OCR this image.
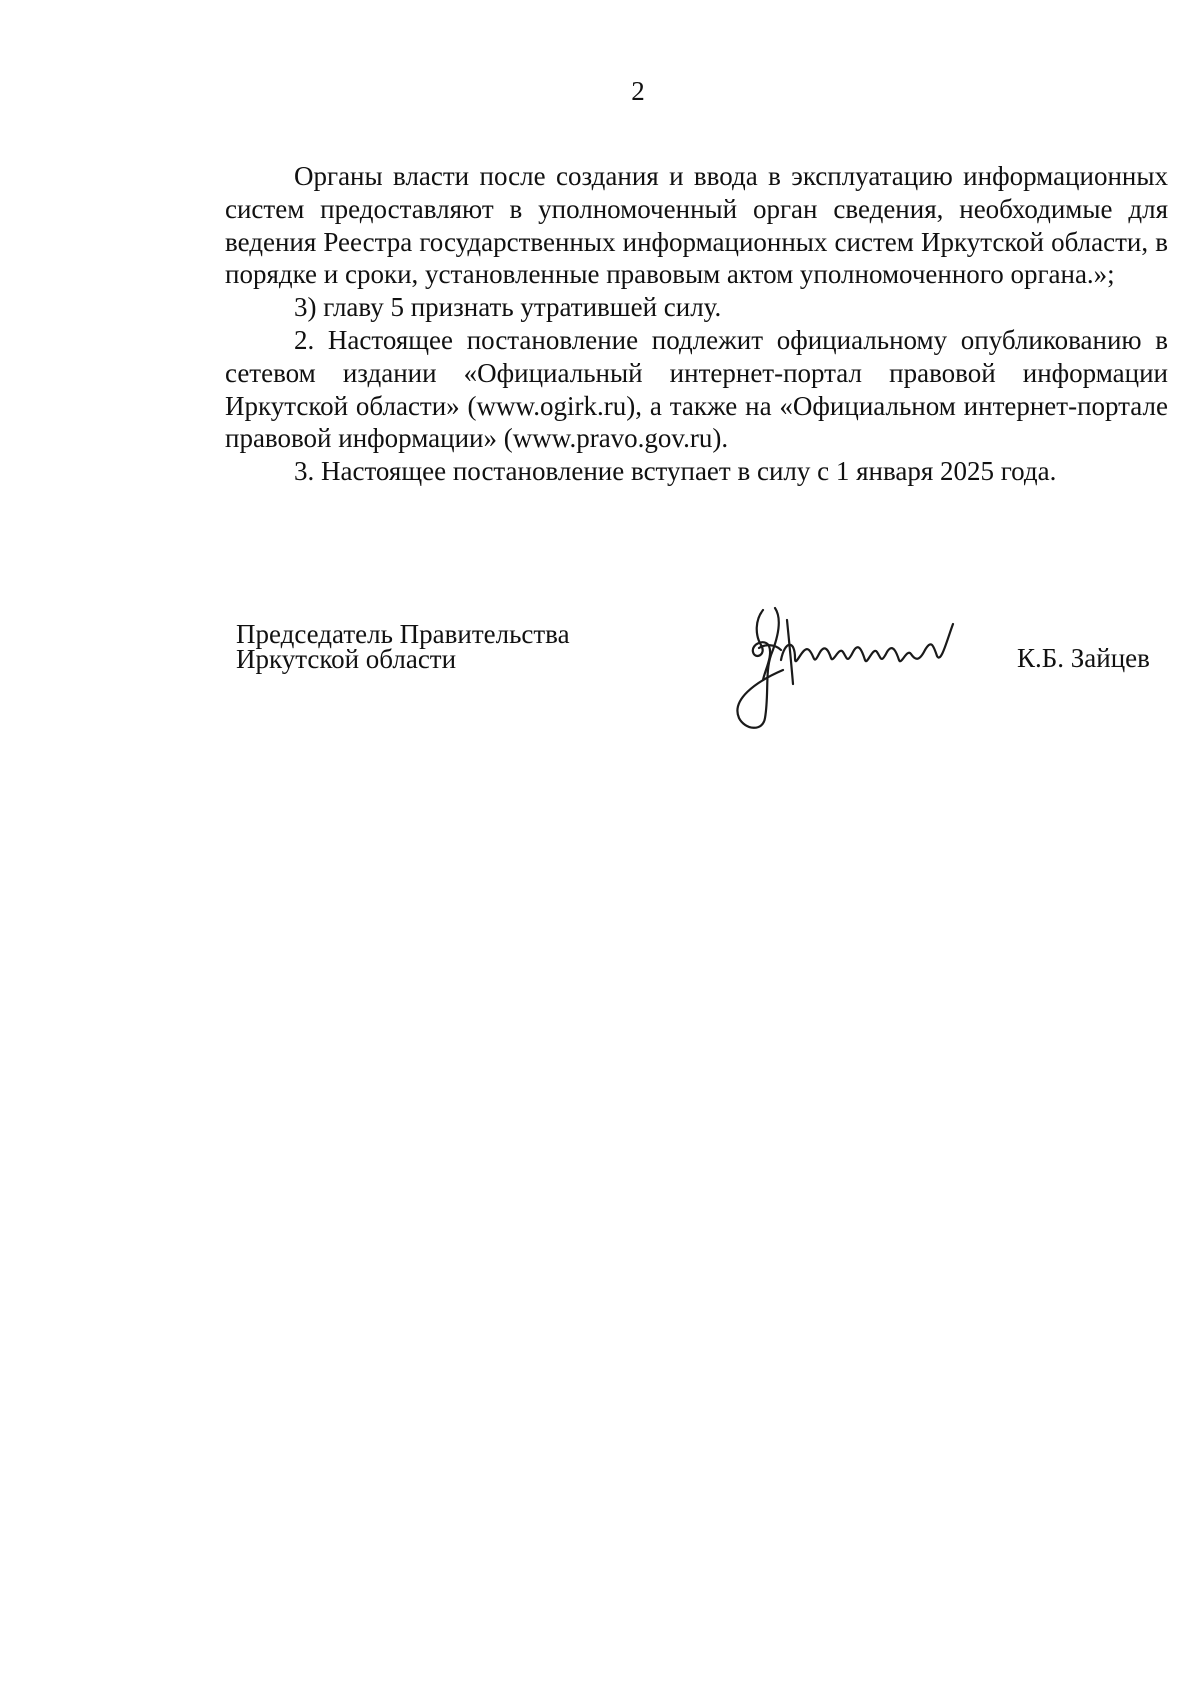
2

Органы власти после создания и ввода в эксплуатацию информационных систем предоставляют в уполномоченный орган сведения, необходимые для ведения Реестра государственных информационных систем Иркутской области, в порядке и сроки, установленные правовым актом уполномоченного органа.»;

3) главу 5 признать утратившей силу.

2. Настоящее постановление подлежит официальному опубликованию в сетевом издании «Официальный интернет-портал правовой информации Иркутской области» (www.ogirk.ru), а также на «Официальном интернет-портале правовой информации» (www.pravo.gov.ru).

3. Настоящее постановление вступает в силу с 1 января 2025 года.

Председатель Правительства
Иркутской области	К.Б. Зайцев
